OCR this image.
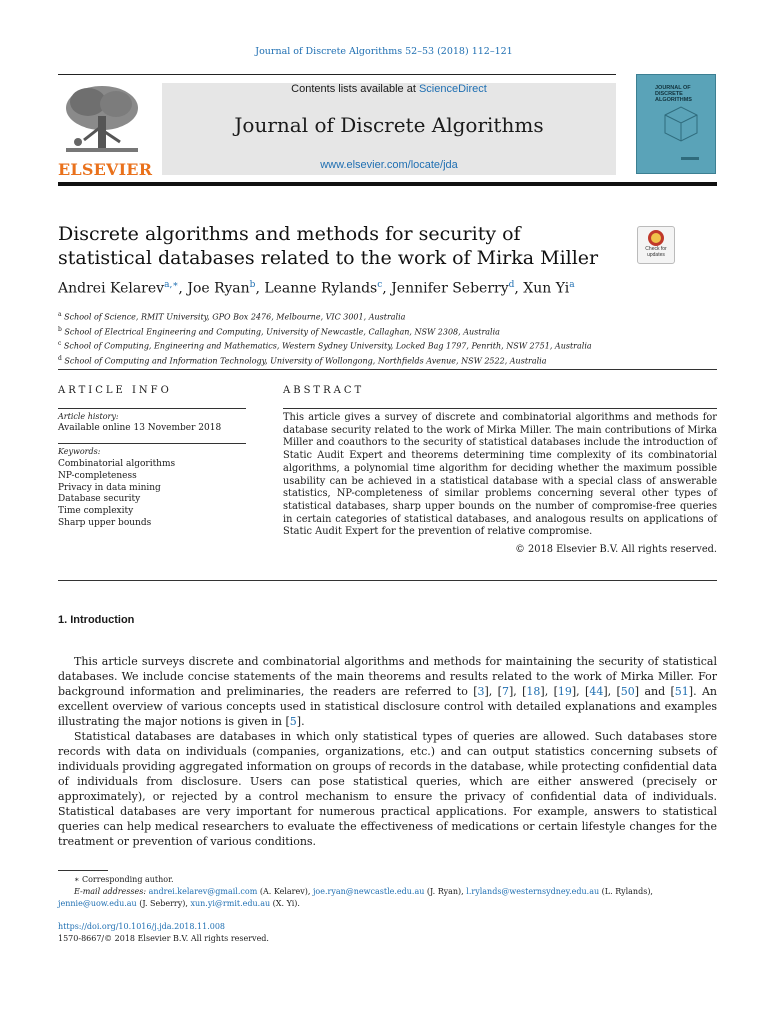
Journal of Discrete Algorithms 52–53 (2018) 112–121
ELSEVIER
Contents lists available at ScienceDirect
Journal of Discrete Algorithms
www.elsevier.com/locate/jda
JOURNAL OF DISCRETE ALGORITHMS
Discrete algorithms and methods for security of statistical databases related to the work of Mirka Miller	Check for updates
Andrei Kelarev$^{a,∗}$, Joe Ryan$^b$, Leanne Rylands$^c$, Jennifer Seberry$^d$, Xun Yi$^a$
$^a$ School of Science, RMIT University, GPO Box 2476, Melbourne, VIC 3001, Australia
$^b$ School of Electrical Engineering and Computing, University of Newcastle, Callaghan, NSW 2308, Australia
$^c$ School of Computing, Engineering and Mathematics, Western Sydney University, Locked Bag 1797, Penrith, NSW 2751, Australia
$^d$ School of Computing and Information Technology, University of Wollongong, Northfields Avenue, NSW 2522, Australia
ARTICLE INFO	ABSTRACT
Article history:
Available online 13 November 2018
Keywords:
Combinatorial algorithms
NP-completeness
Privacy in data mining
Database security
Time complexity
Sharp upper bounds
This article gives a survey of discrete and combinatorial algorithms and methods for database security related to the work of Mirka Miller. The main contributions of Mirka Miller and coauthors to the security of statistical databases include the introduction of Static Audit Expert and theorems determining time complexity of its combinatorial algorithms, a polynomial time algorithm for deciding whether the maximum possible usability can be achieved in a statistical database with a special class of answerable statistics, NP-completeness of similar problems concerning several other types of statistical databases, sharp upper bounds on the number of compromise-free queries in certain categories of statistical databases, and analogous results on applications of Static Audit Expert for the prevention of relative compromise.
© 2018 Elsevier B.V. All rights reserved.
1. Introduction

This article surveys discrete and combinatorial algorithms and methods for maintaining the security of statistical databases. We include concise statements of the main theorems and results related to the work of Mirka Miller. For background information and preliminaries, the readers are referred to [3], [7], [18], [19], [44], [50] and [51]. An excellent overview of various concepts used in statistical disclosure control with detailed explanations and examples illustrating the major notions is given in [5].

Statistical databases are databases in which only statistical types of queries are allowed. Such databases store records with data on individuals (companies, organizations, etc.) and can output statistics concerning subsets of individuals providing aggregated information on groups of records in the database, while protecting confidential data of individuals from disclosure. Users can pose statistical queries, which are either answered (precisely or approximately), or rejected by a control mechanism to ensure the privacy of confidential data of individuals. Statistical databases are very important for numerous practical applications. For example, answers to statistical queries can help medical researchers to evaluate the effectiveness of medications or certain lifestyle changes for the treatment or prevention of various conditions.

∗ Corresponding author.
E-mail addresses: andrei.kelarev@gmail.com (A. Kelarev), joe.ryan@newcastle.edu.au (J. Ryan), l.rylands@westernsydney.edu.au (L. Rylands),
jennie@uow.edu.au (J. Seberry), xun.yi@rmit.edu.au (X. Yi).
https://doi.org/10.1016/j.jda.2018.11.008
1570-8667/© 2018 Elsevier B.V. All rights reserved.
